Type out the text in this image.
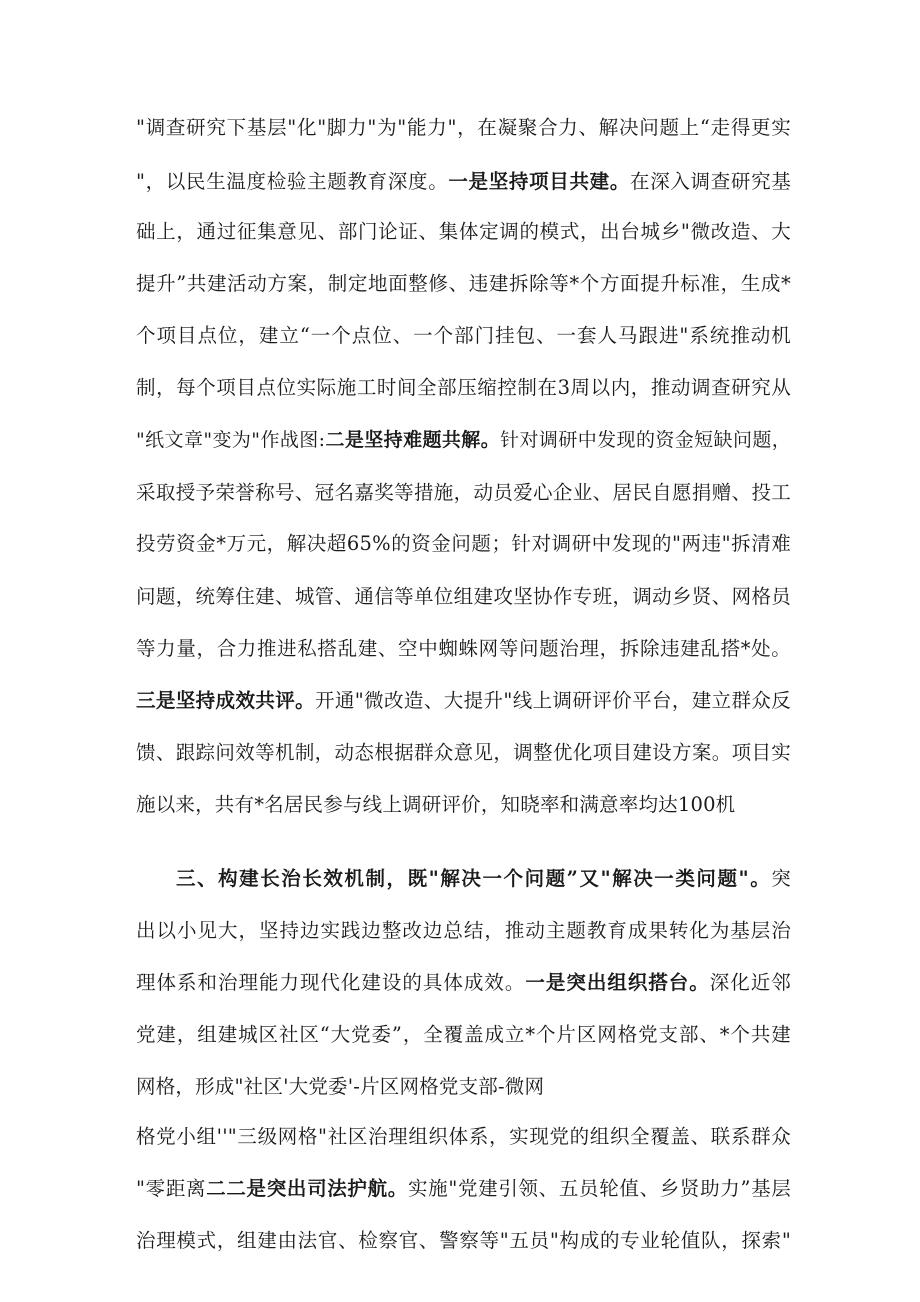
"调查研究下基层"化"脚力"为"能力"，在凝聚合力、解决问题上“走得更实
"，以民生温度检验主题教育深度。一是坚持项目共建。在深入调查研究基
础上，通过征集意见、部门论证、集体定调的模式，出台城乡"微改造、大
提升”共建活动方案，制定地面整修、违建拆除等*个方面提升标准，生成*
个项目点位，建立“一个点位、一个部门挂包、一套人马跟进"系统推动机
制，每个项目点位实际施工时间全部压缩控制在3周以内，推动调查研究从
"纸文章"变为"作战图:二是坚持难题共解。针对调研中发现的资金短缺问题，
采取授予荣誉称号、冠名嘉奖等措施，动员爱心企业、居民自愿捐赠、投工
投劳资金*万元，解决超65%的资金问题；针对调研中发现的"两违"拆清难
问题，统筹住建、城管、通信等单位组建攻坚协作专班，调动乡贤、网格员
等力量，合力推进私搭乱建、空中蜘蛛网等问题治理，拆除违建乱搭*处。
三是坚持成效共评。开通"微改造、大提升"线上调研评价平台，建立群众反
馈、跟踪问效等机制，动态根据群众意见，调整优化项目建设方案。项目实
施以来，共有*名居民参与线上调研评价，知晓率和满意率均达100机
三、构建长治长效机制，既"解决一个问题”又"解决一类问题"。突
出以小见大，坚持边实践边整改边总结，推动主题教育成果转化为基层治
理体系和治理能力现代化建设的具体成效。一是突出组织搭台。深化近邻
党建，组建城区社区“大党委”，全覆盖成立*个片区网格党支部、*个共建
网格，形成"社区'大党委'-片区网格党支部-微网
格党小组''"三级网格"社区治理组织体系，实现党的组织全覆盖、联系群众
"零距离二二是突出司法护航。实施"党建引领、五员轮值、乡贤助力”基层
治理模式，组建由法官、检察官、警察等"五员"构成的专业轮值队，探索"
